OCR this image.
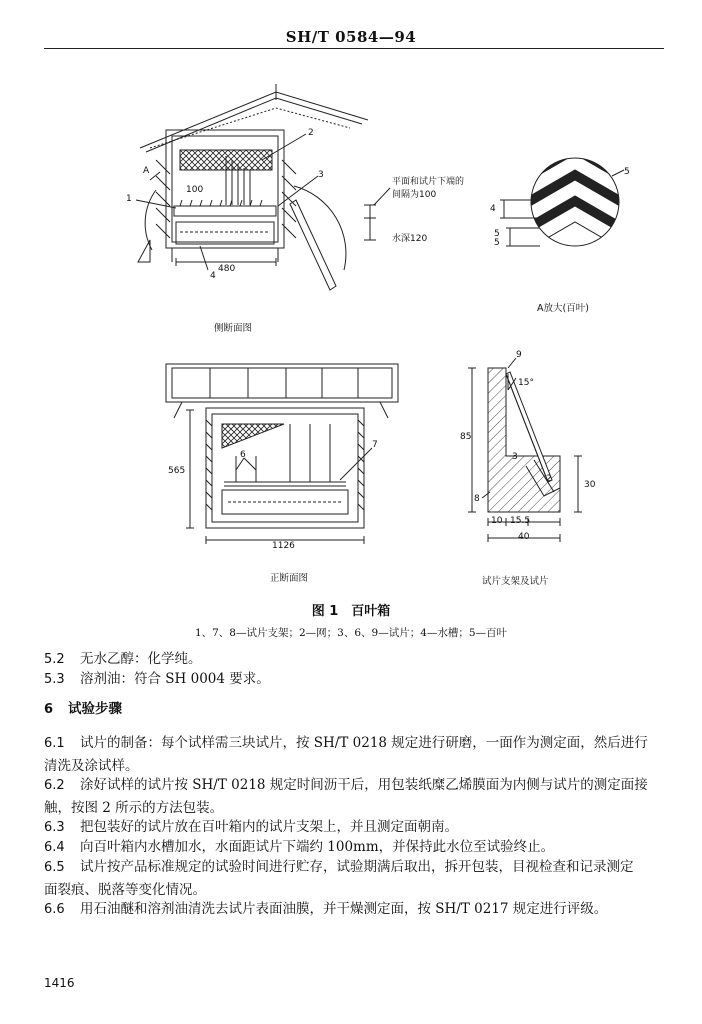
SH/T 0584—94
A
1
2
3
4
100
480
平面和试片下端的
间隔为100
水深120
侧断面图
5
4
5
5
A放大(百叶)
6
7
565
1126
正断面图
9
8
3
2
15°
85
30
10 15.5
40
试片支架及试片
图 1　百叶箱
1、7、8—试片支架；2—网；3、6、9—试片；4—水槽；5—百叶
5.2 无水乙醇：化学纯。
5.3 溶剂油：符合 SH 0004 要求。
6 试验步骤
6.1 试片的制备：每个试样需三块试片，按 SH/T 0218 规定进行研磨，一面作为测定面，然后进行
清洗及涂试样。
6.2 涂好试样的试片按 SH/T 0218 规定时间沥干后，用包装纸糜乙烯膜面为内侧与试片的测定面接
触，按图 2 所示的方法包装。
6.3 把包装好的试片放在百叶箱内的试片支架上，并且测定面朝南。
6.4 向百叶箱内水槽加水，水面距试片下端约 100mm，并保持此水位至试验终止。
6.5 试片按产品标准规定的试验时间进行贮存，试验期满后取出，拆开包装，目视检查和记录测定
面裂痕、脱落等变化情况。
6.6 用石油醚和溶剂油清洗去试片表面油膜，并干燥测定面，按 SH/T 0217 规定进行评级。
1416
